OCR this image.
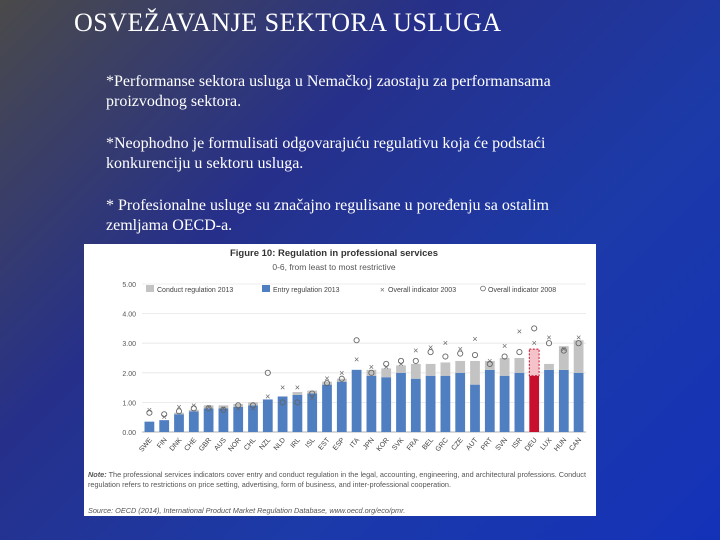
OSVEŽAVANJE SEKTORA USLUGA

*Performanse sektora usluga u Nemačkoj zaostaju za performansama proizvodnog sektora.

*Neophodno je formulisati odgovarajuću regulativu koja će podstaći konkurenciju u sektoru usluga.

* Profesionalne usluge su značajno regulisane u poređenju sa ostalim zemljama OECD-a.

Figure 10: Regulation in professional services
0-6, from least to most restrictive
0.00
1.00
2.00
3.00
4.00
5.00
Conduct regulation 2013	Entry regulation 2013	× Overall indicator 2003	Overall indicator 2008
×
×
× × × × × ×
×
× ×
×
×
×
×
× × ×
× × ×
×
×
×
×
×
×
×
×
×
SWE FIN DNK CHE GBR AUS NOR CHL NZL NLD IRL ISL EST ESP ITA JPN KOR SVK FRA BEL GRC CZE AUT PRT SVN ISR DEU LUX HUN CAN
Note: The professional services indicators cover entry and conduct regulation in the legal, accounting, engineering, and architectural professions. Conduct regulation refers to restrictions on price setting, advertising, form of business, and inter-professional cooperation.
Source: OECD (2014), International Product Market Regulation Database, www.oecd.org/eco/pmr.
